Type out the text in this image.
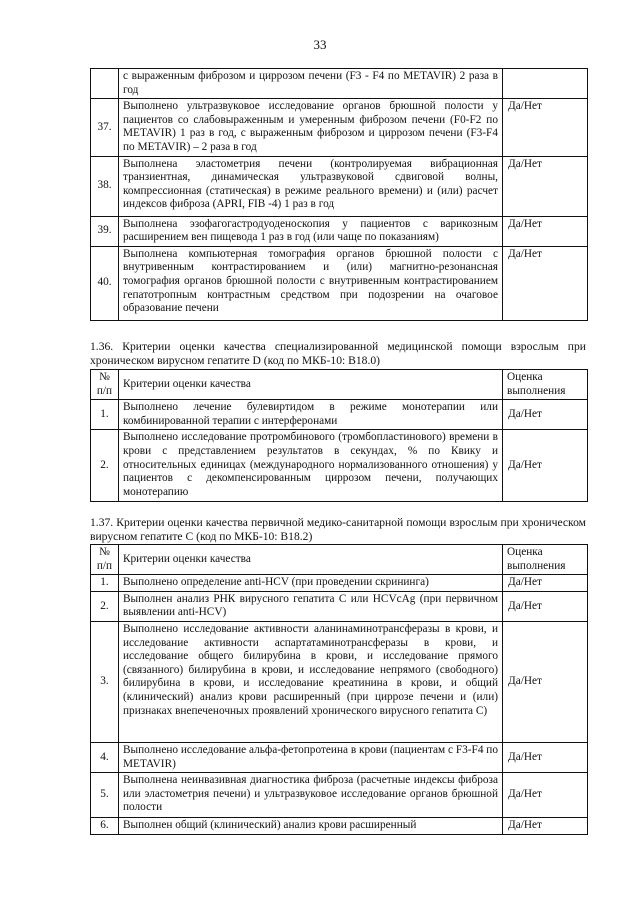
33
	с выраженным фиброзом и циррозом печени (F3 - F4 по METAVIR) 2 раза в год	
37.	Выполнено ультразвуковое исследование органов брюшной полости у пациентов со слабовыраженным и умеренным фиброзом печени (F0-F2 по METAVIR) 1 раз в год, с выраженным фиброзом и циррозом печени (F3-F4 по METAVIR) – 2 раза в год	Да/Нет
38.	Выполнена эластометрия печени (контролируемая вибрационная транзиентная, динамическая ультразвуковой сдвиговой волны, компрессионная (статическая) в режиме реального времени) и (или) расчет индексов фиброза (APRI, FIB -4) 1 раз в год	Да/Нет
39.	Выполнена эзофагогастродуоденоскопия у пациентов с варикозным расширением вен пищевода 1 раз в год (или чаще по показаниям)	Да/Нет
40.	Выполнена компьютерная томография органов брюшной полости с внутривенным контрастированием и (или) магнитно-резонансная томография органов брюшной полости с внутривенным контрастированием гепатотропным контрастным средством при подозрении на очаговое образование печени	Да/Нет
1.36. Критерии оценки качества специализированной медицинской помощи взрослым при хроническом вирусном гепатите D (код по МКБ-10: B18.0)
№ п/п	Критерии оценки качества	Оценка выполнения
1.	Выполнено лечение булевиртидом в режиме монотерапии или комбинированной терапии с интерферонами	Да/Нет
2.	Выполнено исследование протромбинового (тромбопластинового) времени в крови с представлением результатов в секундах, % по Квику и относительных единицах (международного нормализованного отношения) у пациентов с декомпенсированным циррозом печени, получающих монотерапию	Да/Нет
1.37. Критерии оценки качества первичной медико-санитарной помощи взрослым при хроническом вирусном гепатите C (код по МКБ-10: B18.2)
№ п/п	Критерии оценки качества	Оценка выполнения
1.	Выполнено определение anti-HCV (при проведении скрининга)	Да/Нет
2.	Выполнен анализ РНК вирусного гепатита С или HCVcAg (при первичном выявлении anti-HCV)	Да/Нет
3.	Выполнено исследование активности аланинаминотрансферазы в крови, и исследование активности аспартатаминотрансферазы в крови, и исследование общего билирубина в крови, и исследование прямого (связанного) билирубина в крови, и исследование непрямого (свободного) билирубина в крови, и исследование креатинина в крови, и общий (клинический) анализ крови расширенный (при циррозе печени и (или) признаках внепеченочных проявлений хронического вирусного гепатита С)	Да/Нет
4.	Выполнено исследование альфа-фетопротеина в крови (пациентам с F3-F4 по METAVIR)	Да/Нет
5.	Выполнена неинвазивная диагностика фиброза (расчетные индексы фиброза или эластометрия печени) и ультразвуковое исследование органов брюшной полости	Да/Нет
6.	Выполнен общий (клинический) анализ крови расширенный	Да/Нет
